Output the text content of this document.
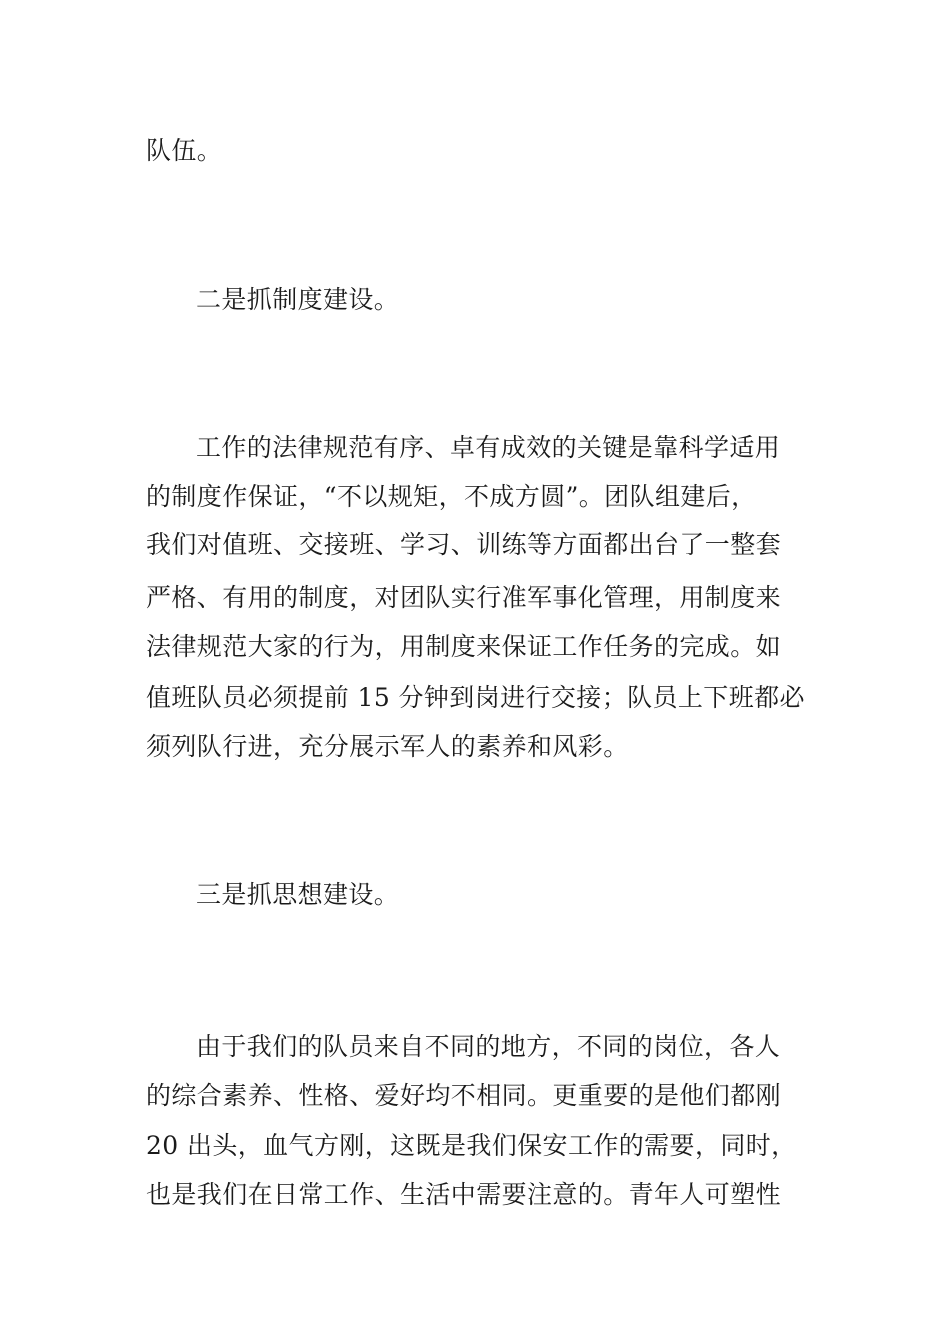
队伍。
二是抓制度建设。
工作的法律规范有序、卓有成效的关键是靠科学适用
的制度作保证，“不以规矩，不成方圆”。团队组建后，
我们对值班、交接班、学习、训练等方面都出台了一整套
严格、有用的制度，对团队实行准军事化管理，用制度来
法律规范大家的行为，用制度来保证工作任务的完成。如
值班队员必须提前 15 分钟到岗进行交接；队员上下班都必
须列队行进，充分展示军人的素养和风彩。
三是抓思想建设。
由于我们的队员来自不同的地方，不同的岗位，各人
的综合素养、性格、爱好均不相同。更重要的是他们都刚
20 出头，血气方刚，这既是我们保安工作的需要，同时，
也是我们在日常工作、生活中需要注意的。青年人可塑性
